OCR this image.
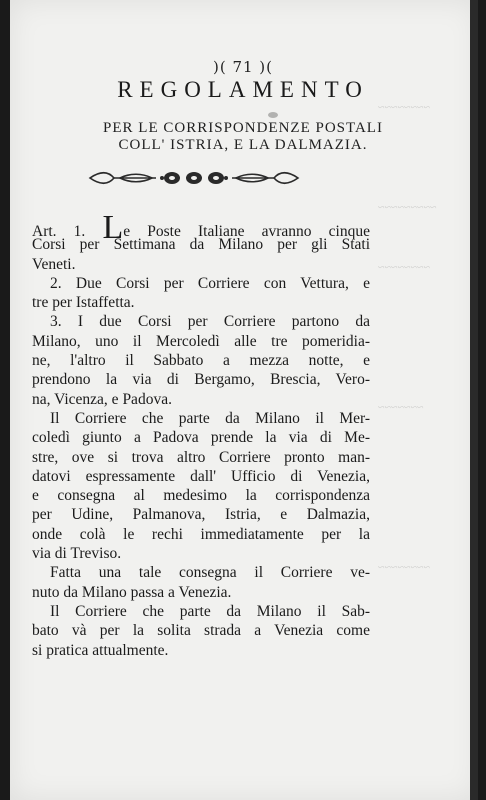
)( 71 )(
REGOLAMENTO
PER LE CORRISPONDENZE POSTALI
COLL' ISTRIA, E LA DALMAZIA.
Art. 1. Le Poste Italiane avranno cinque
Corsi per Settimana da Milano per gli Stati
Veneti.
2. Due Corsi per Corriere con Vettura, e
tre per Istaffetta.
3. I due Corsi per Corriere partono da
Milano, uno il Mercoledì alle tre pomeridia-
ne, l'altro il Sabbato a mezza notte, e
prendono la via di Bergamo, Brescia, Vero-
na, Vicenza, e Padova.
Il Corriere che parte da Milano il Mer-
coledì giunto a Padova prende la via di Me-
stre, ove si trova altro Corriere pronto man-
datovi espressamente dall' Ufficio di Venezia,
e consegna al medesimo la corrispondenza
per Udine, Palmanova, Istria, e Dalmazia,
onde colà le rechi immediatamente per la
via di Treviso.
Fatta una tale consegna il Corriere ve-
nuto da Milano passa a Venezia.
Il Corriere che parte da Milano il Sab-
bato và per la solita strada a Venezia come
si pratica attualmente.
~~~~~~~~
~~~~~~~~~
~~~~~~~~
~~~~~~~
~~~~~~~~
